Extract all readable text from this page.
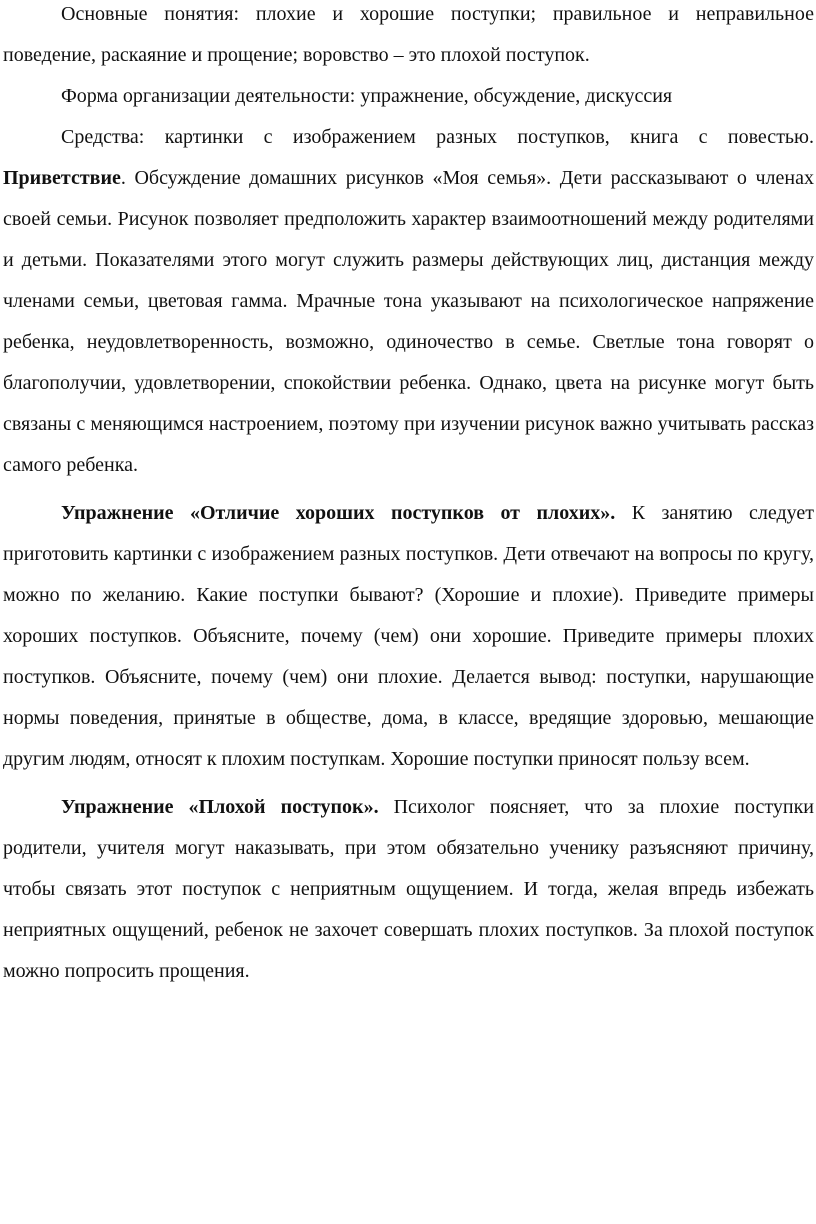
Основные понятия: плохие и хорошие поступки; правильное и неправильное поведение, раскаяние и прощение; воровство – это плохой поступок.

Форма организации деятельности: упражнение, обсуждение, дискуссия

Средства: картинки с изображением разных поступков, книга с повестью. Приветствие. Обсуждение домашних рисунков «Моя семья». Дети рассказывают о членах своей семьи. Рисунок позволяет предположить характер взаимоотношений между родителями и детьми. Показателями этого могут служить размеры действующих лиц, дистанция между членами семьи, цветовая гамма. Мрачные тона указывают на психологическое напряжение ребенка, неудовлетворенность, возможно, одиночество в семье. Светлые тона говорят о благополучии, удовлетворении, спокойствии ребенка. Однако, цвета на рисунке могут быть связаны с меняющимся настроением, поэтому при изучении рисунок важно учитывать рассказ самого ребенка.

Упражнение «Отличие хороших поступков от плохих». К занятию следует приготовить картинки с изображением разных поступков. Дети отвечают на вопросы по кругу, можно по желанию. Какие поступки бывают? (Хорошие и плохие). Приведите примеры хороших поступков. Объясните, почему (чем) они хорошие. Приведите примеры плохих поступков. Объясните, почему (чем) они плохие. Делается вывод: поступки, нарушающие нормы поведения, принятые в обществе, дома, в классе, вредящие здоровью, мешающие другим людям, относят к плохим поступкам. Хорошие поступки приносят пользу всем.

Упражнение «Плохой поступок». Психолог поясняет, что за плохие поступки родители, учителя могут наказывать, при этом обязательно ученику разъясняют причину, чтобы связать этот поступок с неприятным ощущением. И тогда, желая впредь избежать неприятных ощущений, ребенок не захочет совершать плохих поступков. За плохой поступок можно попросить прощения.
